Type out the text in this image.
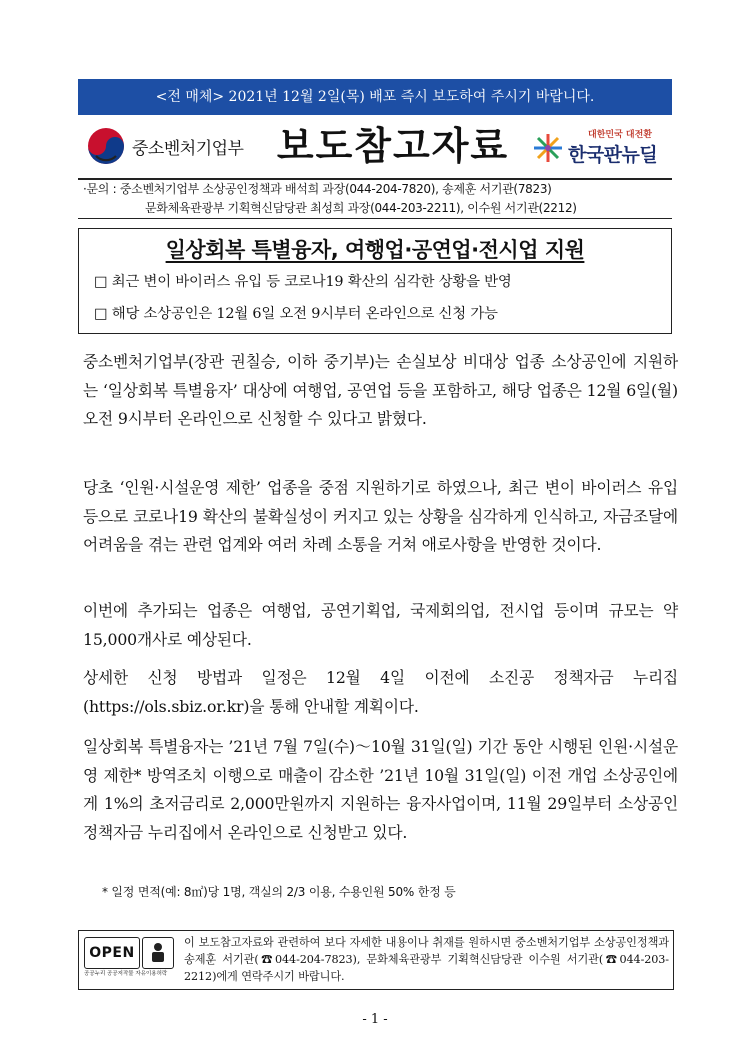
<전 매체> 2021년 12월 2일(목) 배포 즉시 보도하여 주시기 바랍니다.
중소벤처기업부 보도참고자료	대한민국 대전환
한국판뉴딜
·문의 : 중소벤처기업부 소상공인정책과 배석희 과장(044-204-7820), 송제훈 서기관(7823)
문화체육관광부 기획혁신담당관 최성희 과장(044-203-2211), 이수원 서기관(2212)
일상회복 특별융자, 여행업·공연업·전시업 지원
□ 최근 변이 바이러스 유입 등 코로나19 확산의 심각한 상황을 반영
□ 해당 소상공인은 12월 6일 오전 9시부터 온라인으로 신청 가능
중소벤처기업부(장관 권칠승, 이하 중기부)는 손실보상 비대상 업종 소상공인에 지원하는 ‘일상회복 특별융자’ 대상에 여행업, 공연업 등을 포함하고, 해당 업종은 12월 6일(월) 오전 9시부터 온라인으로 신청할 수 있다고 밝혔다.
당초 ‘인원·시설운영 제한’ 업종을 중점 지원하기로 하였으나, 최근 변이 바이러스 유입 등으로 코로나19 확산의 불확실성이 커지고 있는 상황을 심각하게 인식하고, 자금조달에 어려움을 겪는 관련 업계와 여러 차례 소통을 거쳐 애로사항을 반영한 것이다.
이번에 추가되는 업종은 여행업, 공연기획업, 국제회의업, 전시업 등이며 규모는 약 15,000개사로 예상된다.
상세한 신청 방법과 일정은 12월 4일 이전에 소진공 정책자금 누리집(https://ols.sbiz.or.kr)을 통해 안내할 계획이다.
일상회복 특별융자는 ’21년 7월 7일(수)～10월 31일(일) 기간 동안 시행된 인원·시설운영 제한* 방역조치 이행으로 매출이 감소한 ’21년 10월 31일(일) 이전 개업 소상공인에게 1%의 초저금리로 2,000만원까지 지원하는 융자사업이며, 11월 29일부터 소상공인 정책자금 누리집에서 온라인으로 신청받고 있다.
* 일정 면적(예: 8㎡)당 1명, 객실의 2/3 이용, 수용인원 50% 한정 등
OPEN
공공누리 공공저작물 자유이용허락
이 보도참고자료와 관련하여 보다 자세한 내용이나 취재를 원하시면 중소벤처기업부 소상공인정책과 송제훈 서기관(☎044-204-7823), 문화체육관광부 기획혁신담당관 이수원 서기관(☎044-203-2212)에게 연락주시기 바랍니다.
- 1 -
